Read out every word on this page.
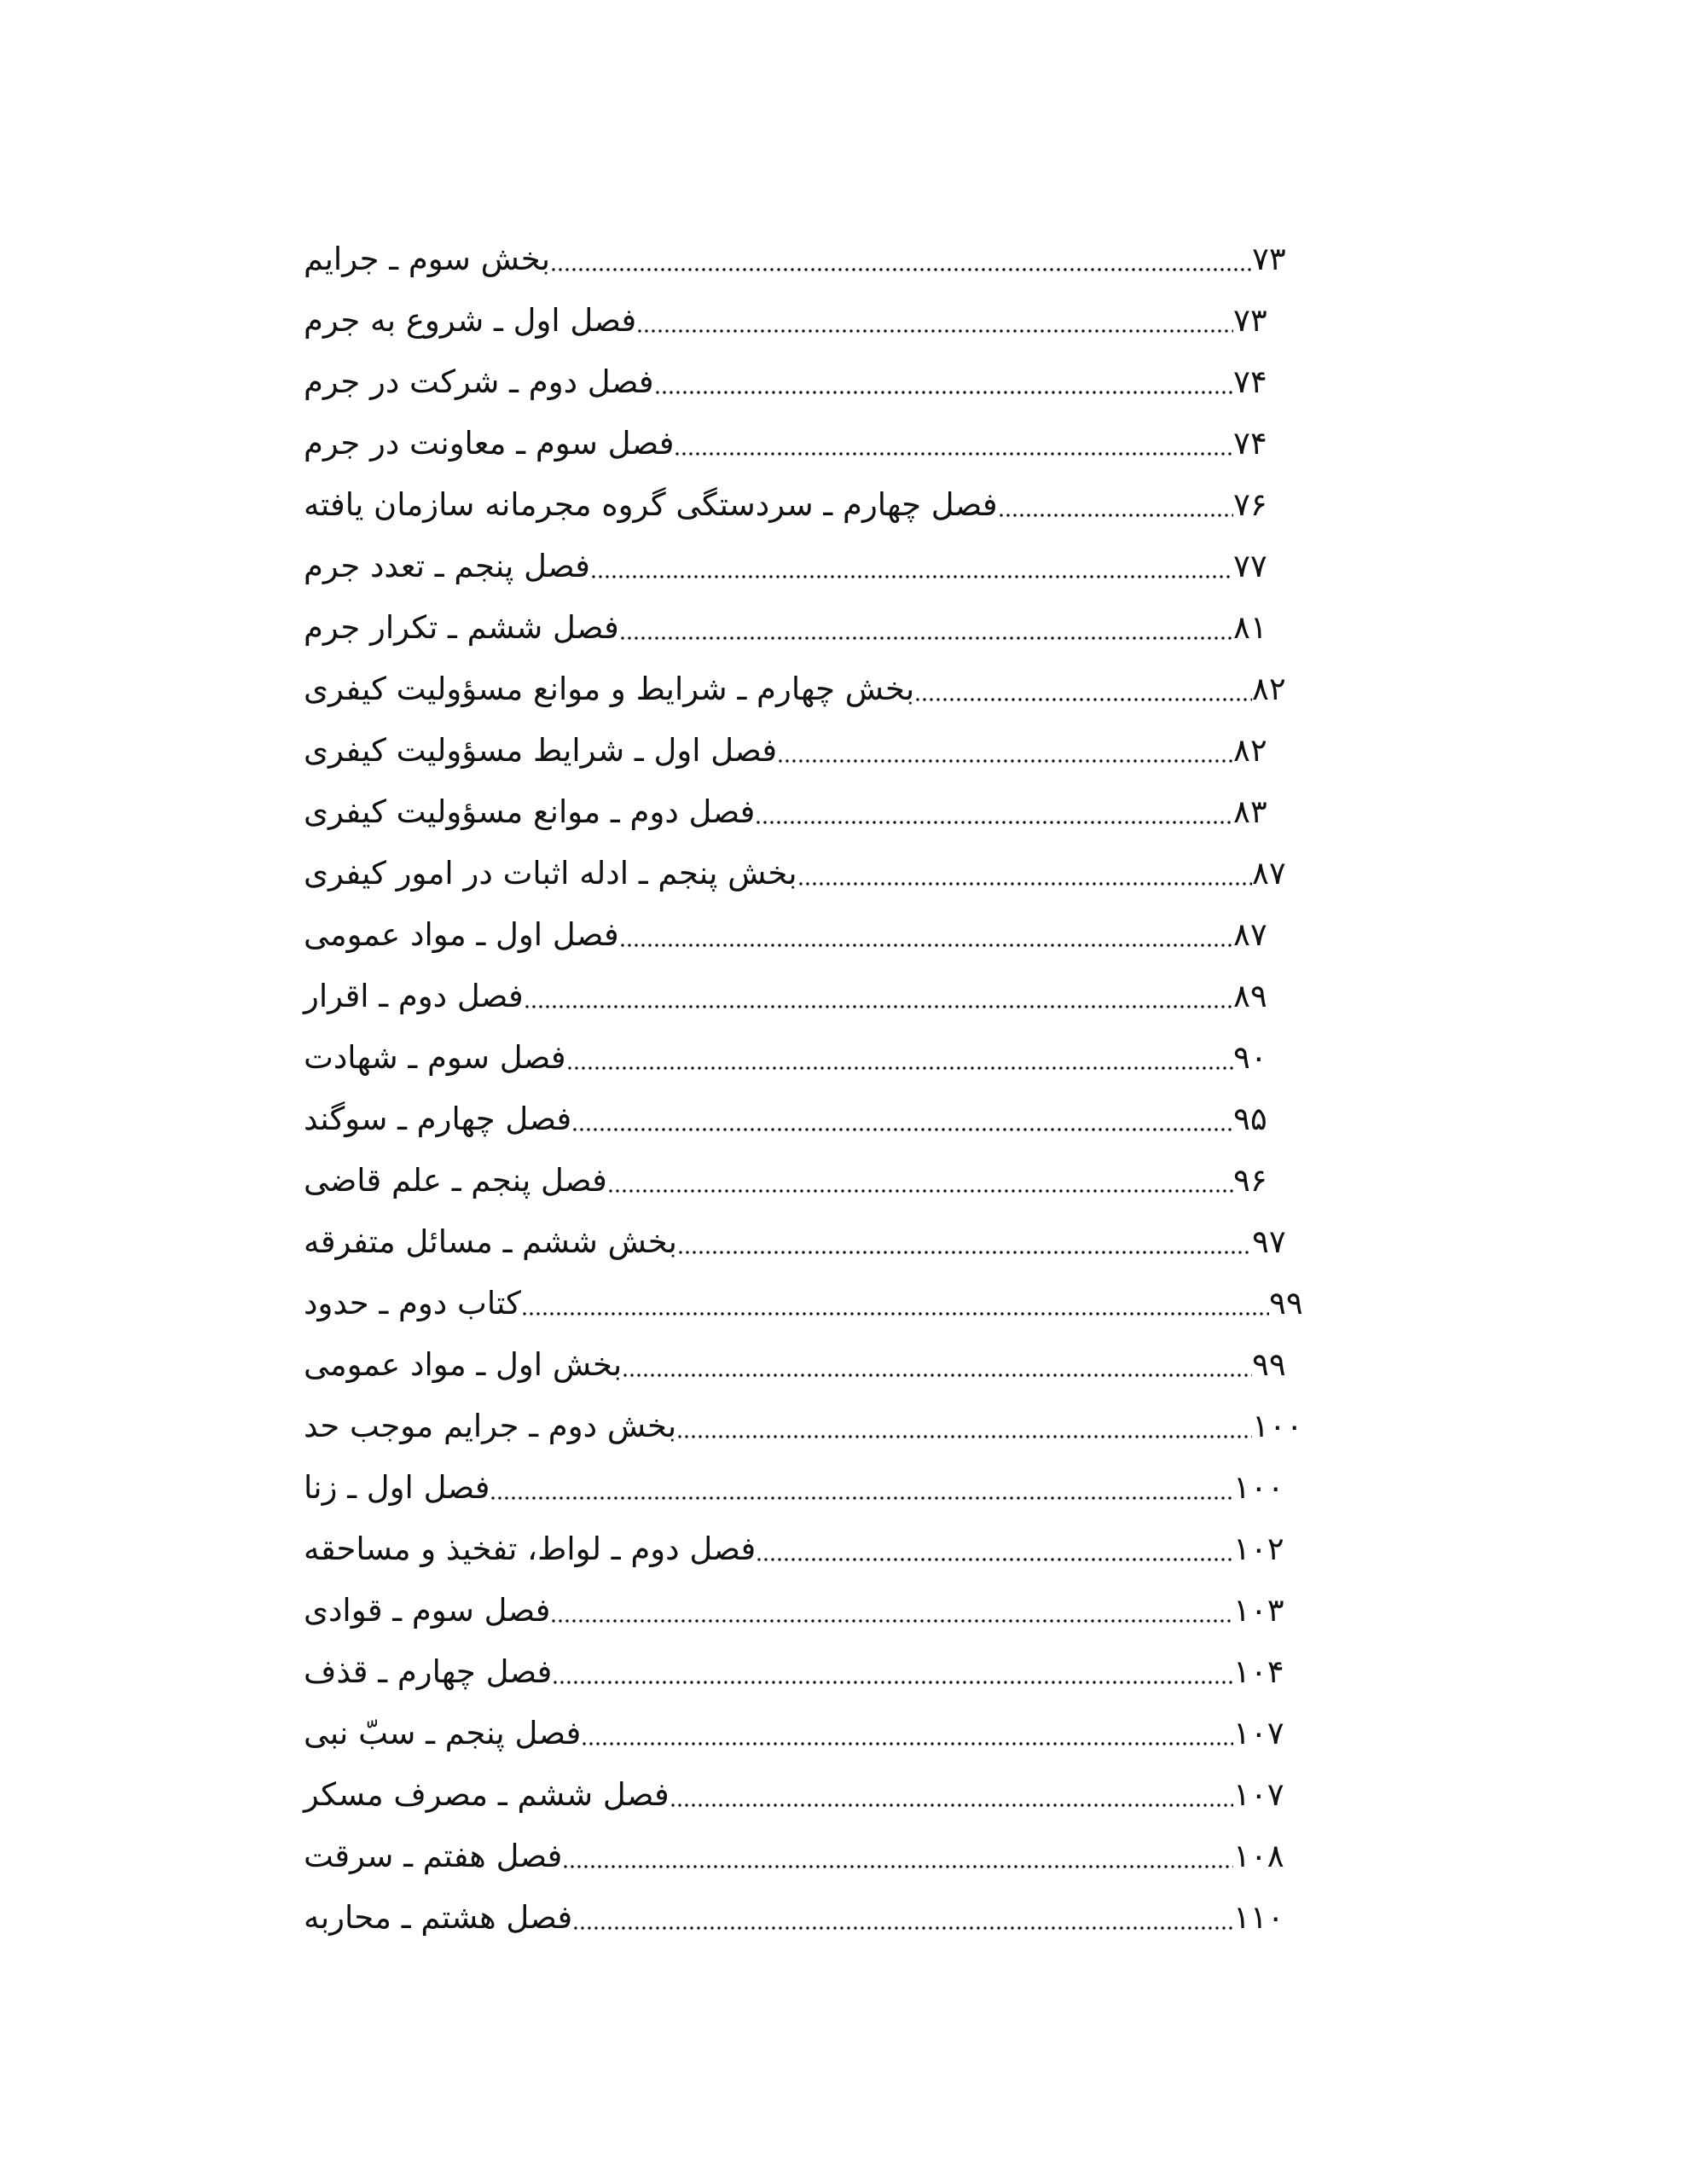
بخش سوم ـ جرایم	۷۳
فصل اول ـ شروع به جرم	۷۳
فصل دوم ـ شرکت در جرم	۷۴
فصل سوم ـ معاونت در جرم	۷۴
فصل چهارم ـ سردستگی گروه مجرمانه سازمان یافته	۷۶
فصل پنجم ـ تعدد جرم	۷۷
فصل ششم ـ تکرار جرم	۸۱
بخش چهارم ـ شرایط و موانع مسؤولیت کیفری	۸۲
فصل اول ـ شرایط مسؤولیت کیفری	۸۲
فصل دوم ـ موانع مسؤولیت کیفری	۸۳
بخش پنجم ـ ادله اثبات در امور کیفری	۸۷
فصل اول ـ مواد عمومی	۸۷
فصل دوم ـ اقرار	۸۹
فصل سوم ـ شهادت	۹۰
فصل چهارم ـ سوگند	۹۵
فصل پنجم ـ علم قاضی	۹۶
بخش ششم ـ مسائل متفرقه	۹۷
کتاب دوم ـ حدود	۹۹
بخش اول ـ مواد عمومی	۹۹
بخش دوم ـ جرایم موجب حد	۱۰۰
فصل اول ـ زنا	۱۰۰
فصل دوم ـ لواط، تفخیذ و مساحقه	۱۰۲
فصل سوم ـ قوادی	۱۰۳
فصل چهارم ـ قذف	۱۰۴
فصل پنجم ـ سبّ نبی	۱۰۷
فصل ششم ـ مصرف مسکر	۱۰۷
فصل هفتم ـ سرقت	۱۰۸
فصل هشتم ـ محاربه	۱۱۰
